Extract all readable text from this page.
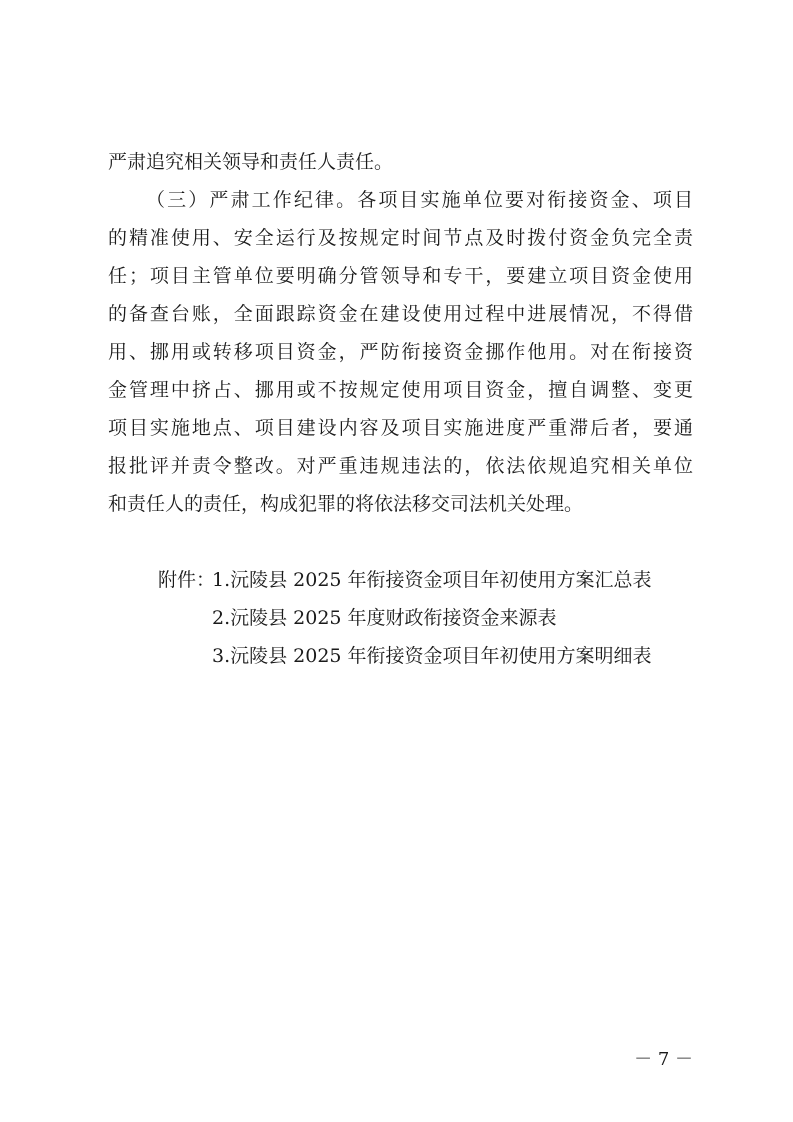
严肃追究相关领导和责任人责任。
（三）严肃工作纪律。各项目实施单位要对衔接资金、项目
的精准使用、安全运行及按规定时间节点及时拨付资金负完全责
任；项目主管单位要明确分管领导和专干，要建立项目资金使用
的备查台账，全面跟踪资金在建设使用过程中进展情况，不得借
用、挪用或转移项目资金，严防衔接资金挪作他用。对在衔接资
金管理中挤占、挪用或不按规定使用项目资金，擅自调整、变更
项目实施地点、项目建设内容及项目实施进度严重滞后者，要通
报批评并责令整改。对严重违规违法的，依法依规追究相关单位
和责任人的责任，构成犯罪的将依法移交司法机关处理。
附件：
1.沅陵县 2025 年衔接资金项目年初使用方案汇总表
2.沅陵县 2025 年度财政衔接资金来源表
3.沅陵县 2025 年衔接资金项目年初使用方案明细表
－ 7 －
